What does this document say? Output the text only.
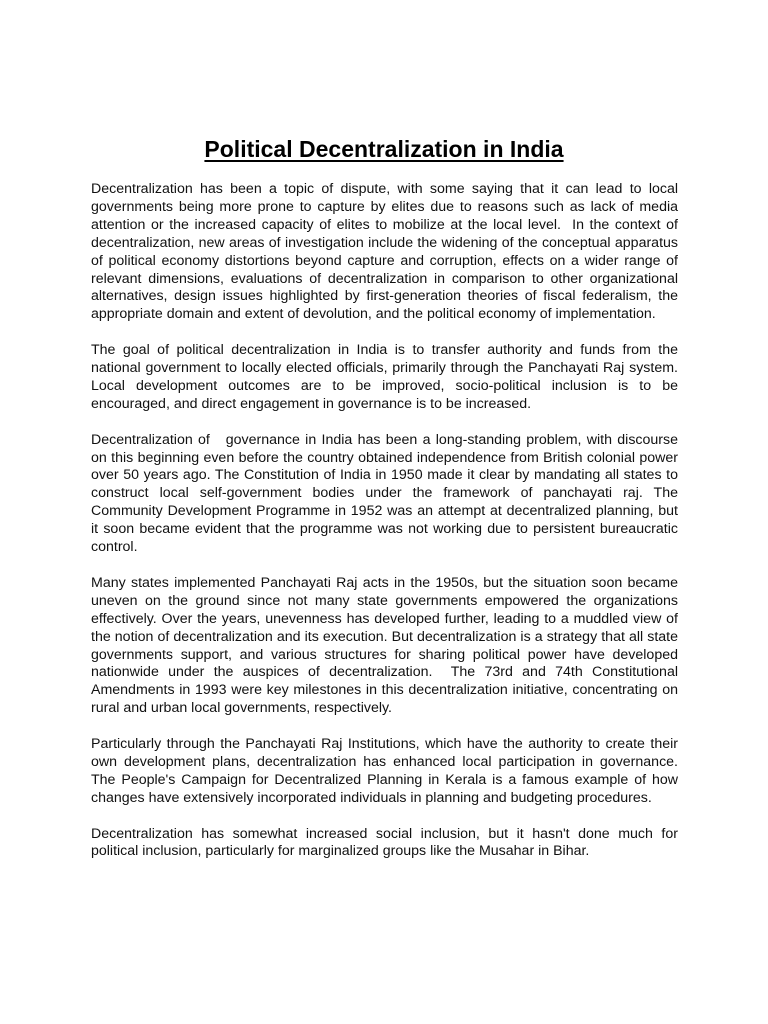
Political Decentralization in India

Decentralization has been a topic of dispute, with some saying that it can lead to local governments being more prone to capture by elites due to reasons such as lack of media attention or the increased capacity of elites to mobilize at the local level.  In the context of decentralization, new areas of investigation include the widening of the conceptual apparatus of political economy distortions beyond capture and corruption, effects on a wider range of relevant dimensions, evaluations of decentralization in comparison to other organizational alternatives, design issues highlighted by first-generation theories of fiscal federalism, the appropriate domain and extent of devolution, and the political economy of implementation.

The goal of political decentralization in India is to transfer authority and funds from the national government to locally elected officials, primarily through the Panchayati Raj system. Local development outcomes are to be improved, socio-political inclusion is to be encouraged, and direct engagement in governance is to be increased.

Decentralization of   governance in India has been a long-standing problem, with discourse on this beginning even before the country obtained independence from British colonial power over 50 years ago. The Constitution of India in 1950 made it clear by mandating all states to construct local self-government bodies under the framework of panchayati raj. The Community Development Programme in 1952 was an attempt at decentralized planning, but it soon became evident that the programme was not working due to persistent bureaucratic control.

Many states implemented Panchayati Raj acts in the 1950s, but the situation soon became uneven on the ground since not many state governments empowered the organizations effectively. Over the years, unevenness has developed further, leading to a muddled view of the notion of decentralization and its execution. But decentralization is a strategy that all state governments support, and various structures for sharing political power have developed nationwide under the auspices of decentralization.  The 73rd and 74th Constitutional Amendments in 1993 were key milestones in this decentralization initiative, concentrating on rural and urban local governments, respectively.

Particularly through the Panchayati Raj Institutions, which have the authority to create their own development plans, decentralization has enhanced local participation in governance. The People's Campaign for Decentralized Planning in Kerala is a famous example of how changes have extensively incorporated individuals in planning and budgeting procedures.

Decentralization has somewhat increased social inclusion, but it hasn't done much for political inclusion, particularly for marginalized groups like the Musahar in Bihar.
